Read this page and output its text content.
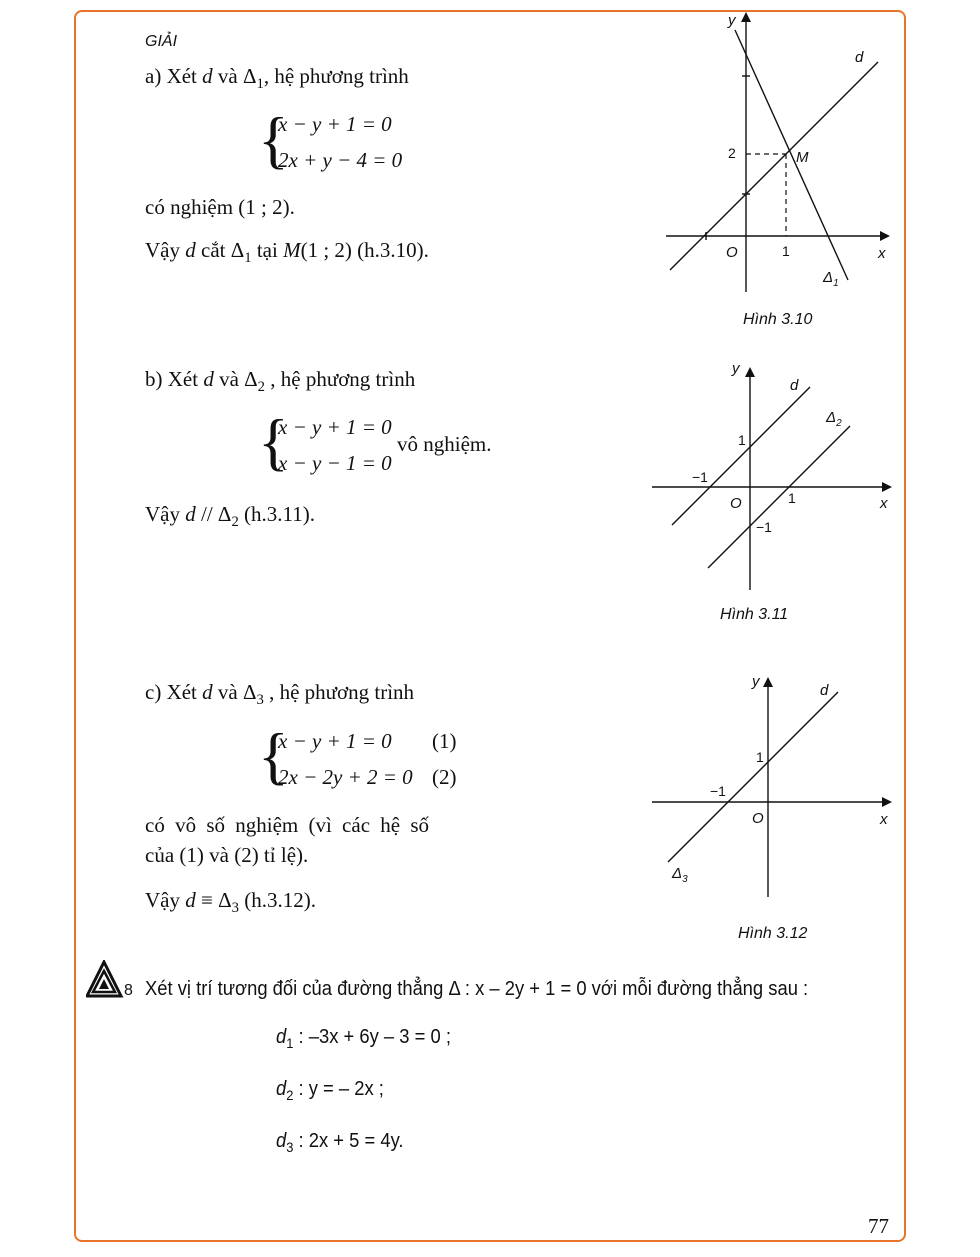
GIẢI
a) Xét d và $\Delta_1$, hệ phương trình
{
x − y + 1 = 0
2x + y − 4 = 0
có nghiệm (1 ; 2).
Vậy d cắt $\Delta_1$ tại M(1 ; 2) (h.3.10).
y
x
O
d
M
2
1
$\Delta_1$
Hình 3.10
b) Xét d và $\Delta_2$ , hệ phương trình
{
x − y + 1 = 0
x − y − 1 = 0
vô nghiệm.
Vậy d // $\Delta_2$ (h.3.11).
y
x
O
d
1
−1
1
−1
$\Delta_2$
Hình 3.11
c) Xét d và $\Delta_3$ , hệ phương trình
{
x − y + 1 = 0 (1)
2x − 2y + 2 = 0 (2)
có vô số nghiệm (vì các hệ số
của (1) và (2) tỉ lệ).
Vậy $d \equiv \Delta_3$ (h.3.12).
y
x
O
d
1
−1
$\Delta_3$
Hình 3.12
8 Xét vị trí tương đối của đường thẳng Δ : x – 2y + 1 = 0 với mỗi đường thẳng sau :
$d_1$ : –3x + 6y – 3 = 0 ;
$d_2$ : y = – 2x ;
$d_3$ : 2x + 5 = 4y.
77
